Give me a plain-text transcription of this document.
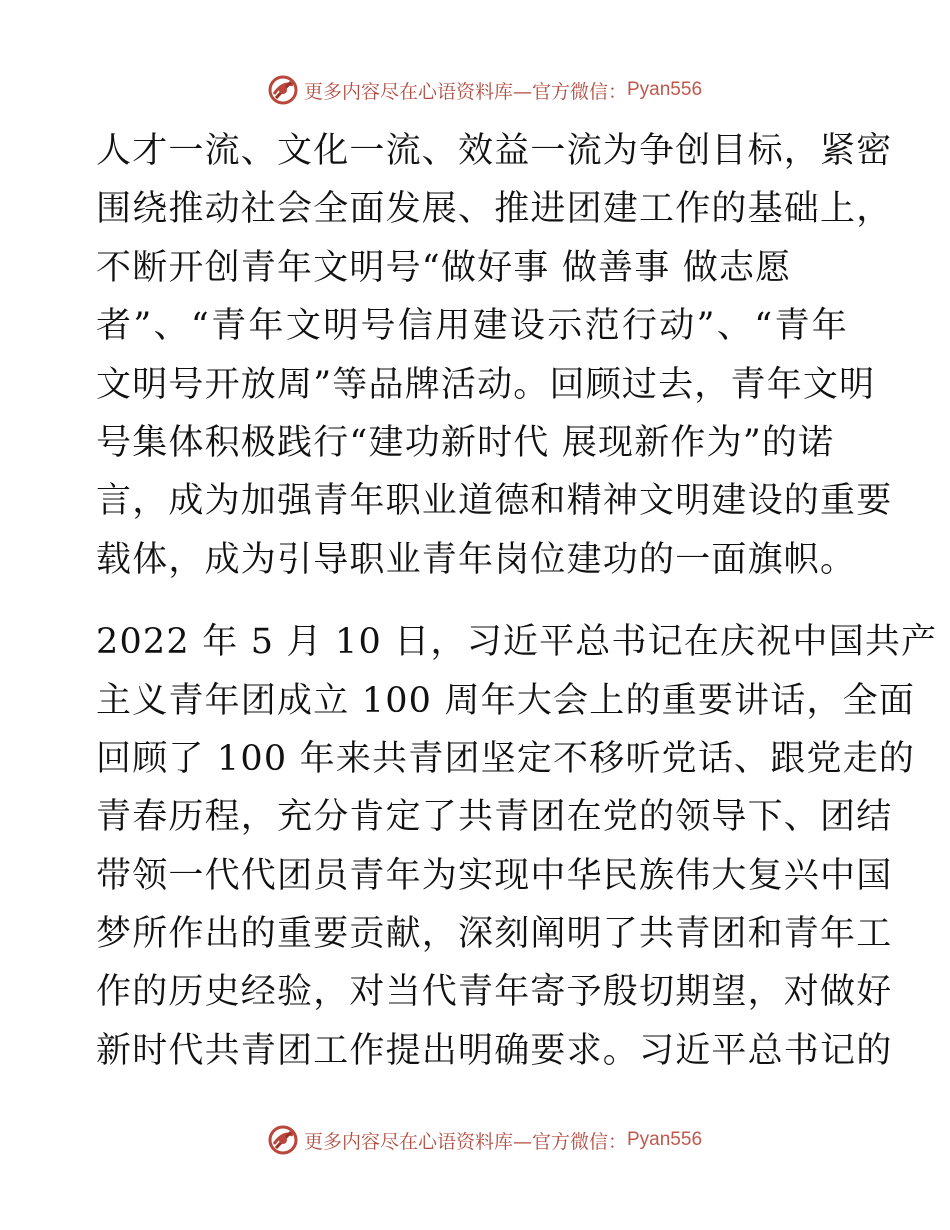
更多内容尽在心语资料库—官方微信： Pyan556
人才一流、文化一流、效益一流为争创目标，紧密
围绕推动社会全面发展、推进团建工作的基础上，
不断开创青年文明号“做好事 做善事 做志愿
者”、“青年文明号信用建设示范行动”、“青年
文明号开放周”等品牌活动。回顾过去，青年文明
号集体积极践行“建功新时代 展现新作为”的诺
言，成为加强青年职业道德和精神文明建设的重要
载体，成为引导职业青年岗位建功的一面旗帜。
2022 年 5 月 10 日，习近平总书记在庆祝中国共产
主义青年团成立 100 周年大会上的重要讲话，全面
回顾了 100 年来共青团坚定不移听党话、跟党走的
青春历程，充分肯定了共青团在党的领导下、团结
带领一代代团员青年为实现中华民族伟大复兴中国
梦所作出的重要贡献，深刻阐明了共青团和青年工
作的历史经验，对当代青年寄予殷切期望，对做好
新时代共青团工作提出明确要求。习近平总书记的
更多内容尽在心语资料库—官方微信： Pyan556
